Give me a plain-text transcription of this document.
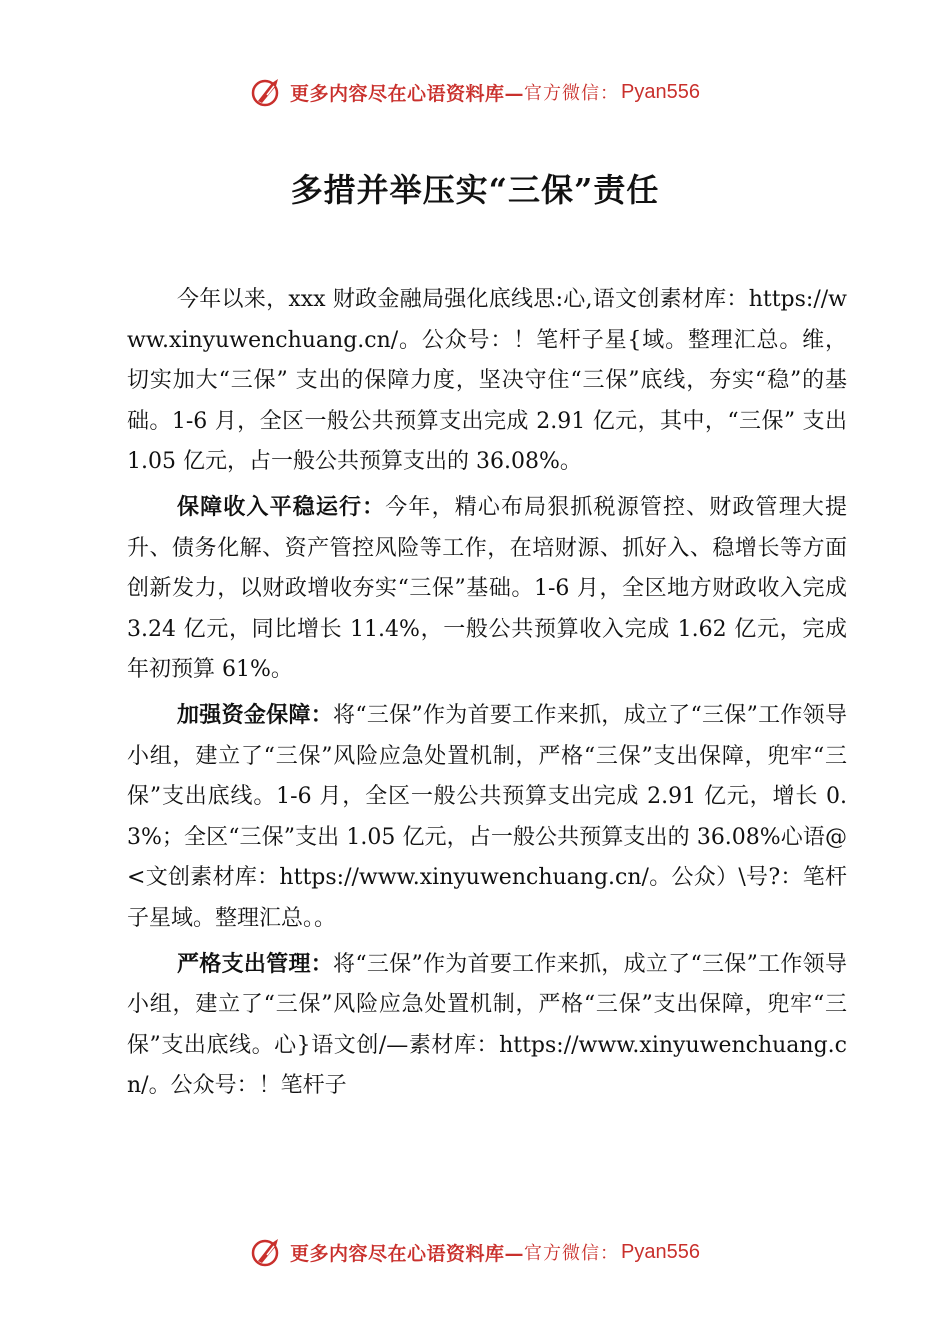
更多内容尽在心语资料库— 官方微信： Pyan556
多措并举压实“三保”责任

今年以来，xxx 财政金融局强化底线思:心,语文创素材库：https://www.xinyuwenchuang.cn/。公众号：！笔杆子星{域。整理汇总。维，切实加大“三保” 支出的保障力度，坚决守住“三保”底线，夯实“稳”的基础。1-6 月，全区一般公共预算支出完成 2.91 亿元，其中，“三保” 支出 1.05 亿元，占一般公共预算支出的 36.08%。

保障收入平稳运行：今年，精心布局狠抓税源管控、财政管理大提升、债务化解、资产管控风险等工作，在培财源、抓好入、稳增长等方面创新发力，以财政增收夯实“三保”基础。1-6 月，全区地方财政收入完成 3.24 亿元，同比增长 11.4%，一般公共预算收入完成 1.62 亿元，完成年初预算 61%。

加强资金保障：将“三保”作为首要工作来抓，成立了“三保”工作领导小组，建立了“三保”风险应急处置机制，严格“三保”支出保障，兜牢“三保”支出底线。1-6 月，全区一般公共预算支出完成 2.91 亿元，增长 0.3%；全区“三保”支出 1.05 亿元，占一般公共预算支出的 36.08%心语@<文创素材库：https://www.xinyuwenchuang.cn/。公众）\号?：笔杆子星域。整理汇总。。

严格支出管理：将“三保”作为首要工作来抓，成立了“三保”工作领导小组，建立了“三保”风险应急处置机制，严格“三保”支出保障，兜牢“三保”支出底线。心}语文创/—素材库：https://www.xinyuwenchuang.cn/。公众号：！笔杆子

更多内容尽在心语资料库— 官方微信： Pyan556
